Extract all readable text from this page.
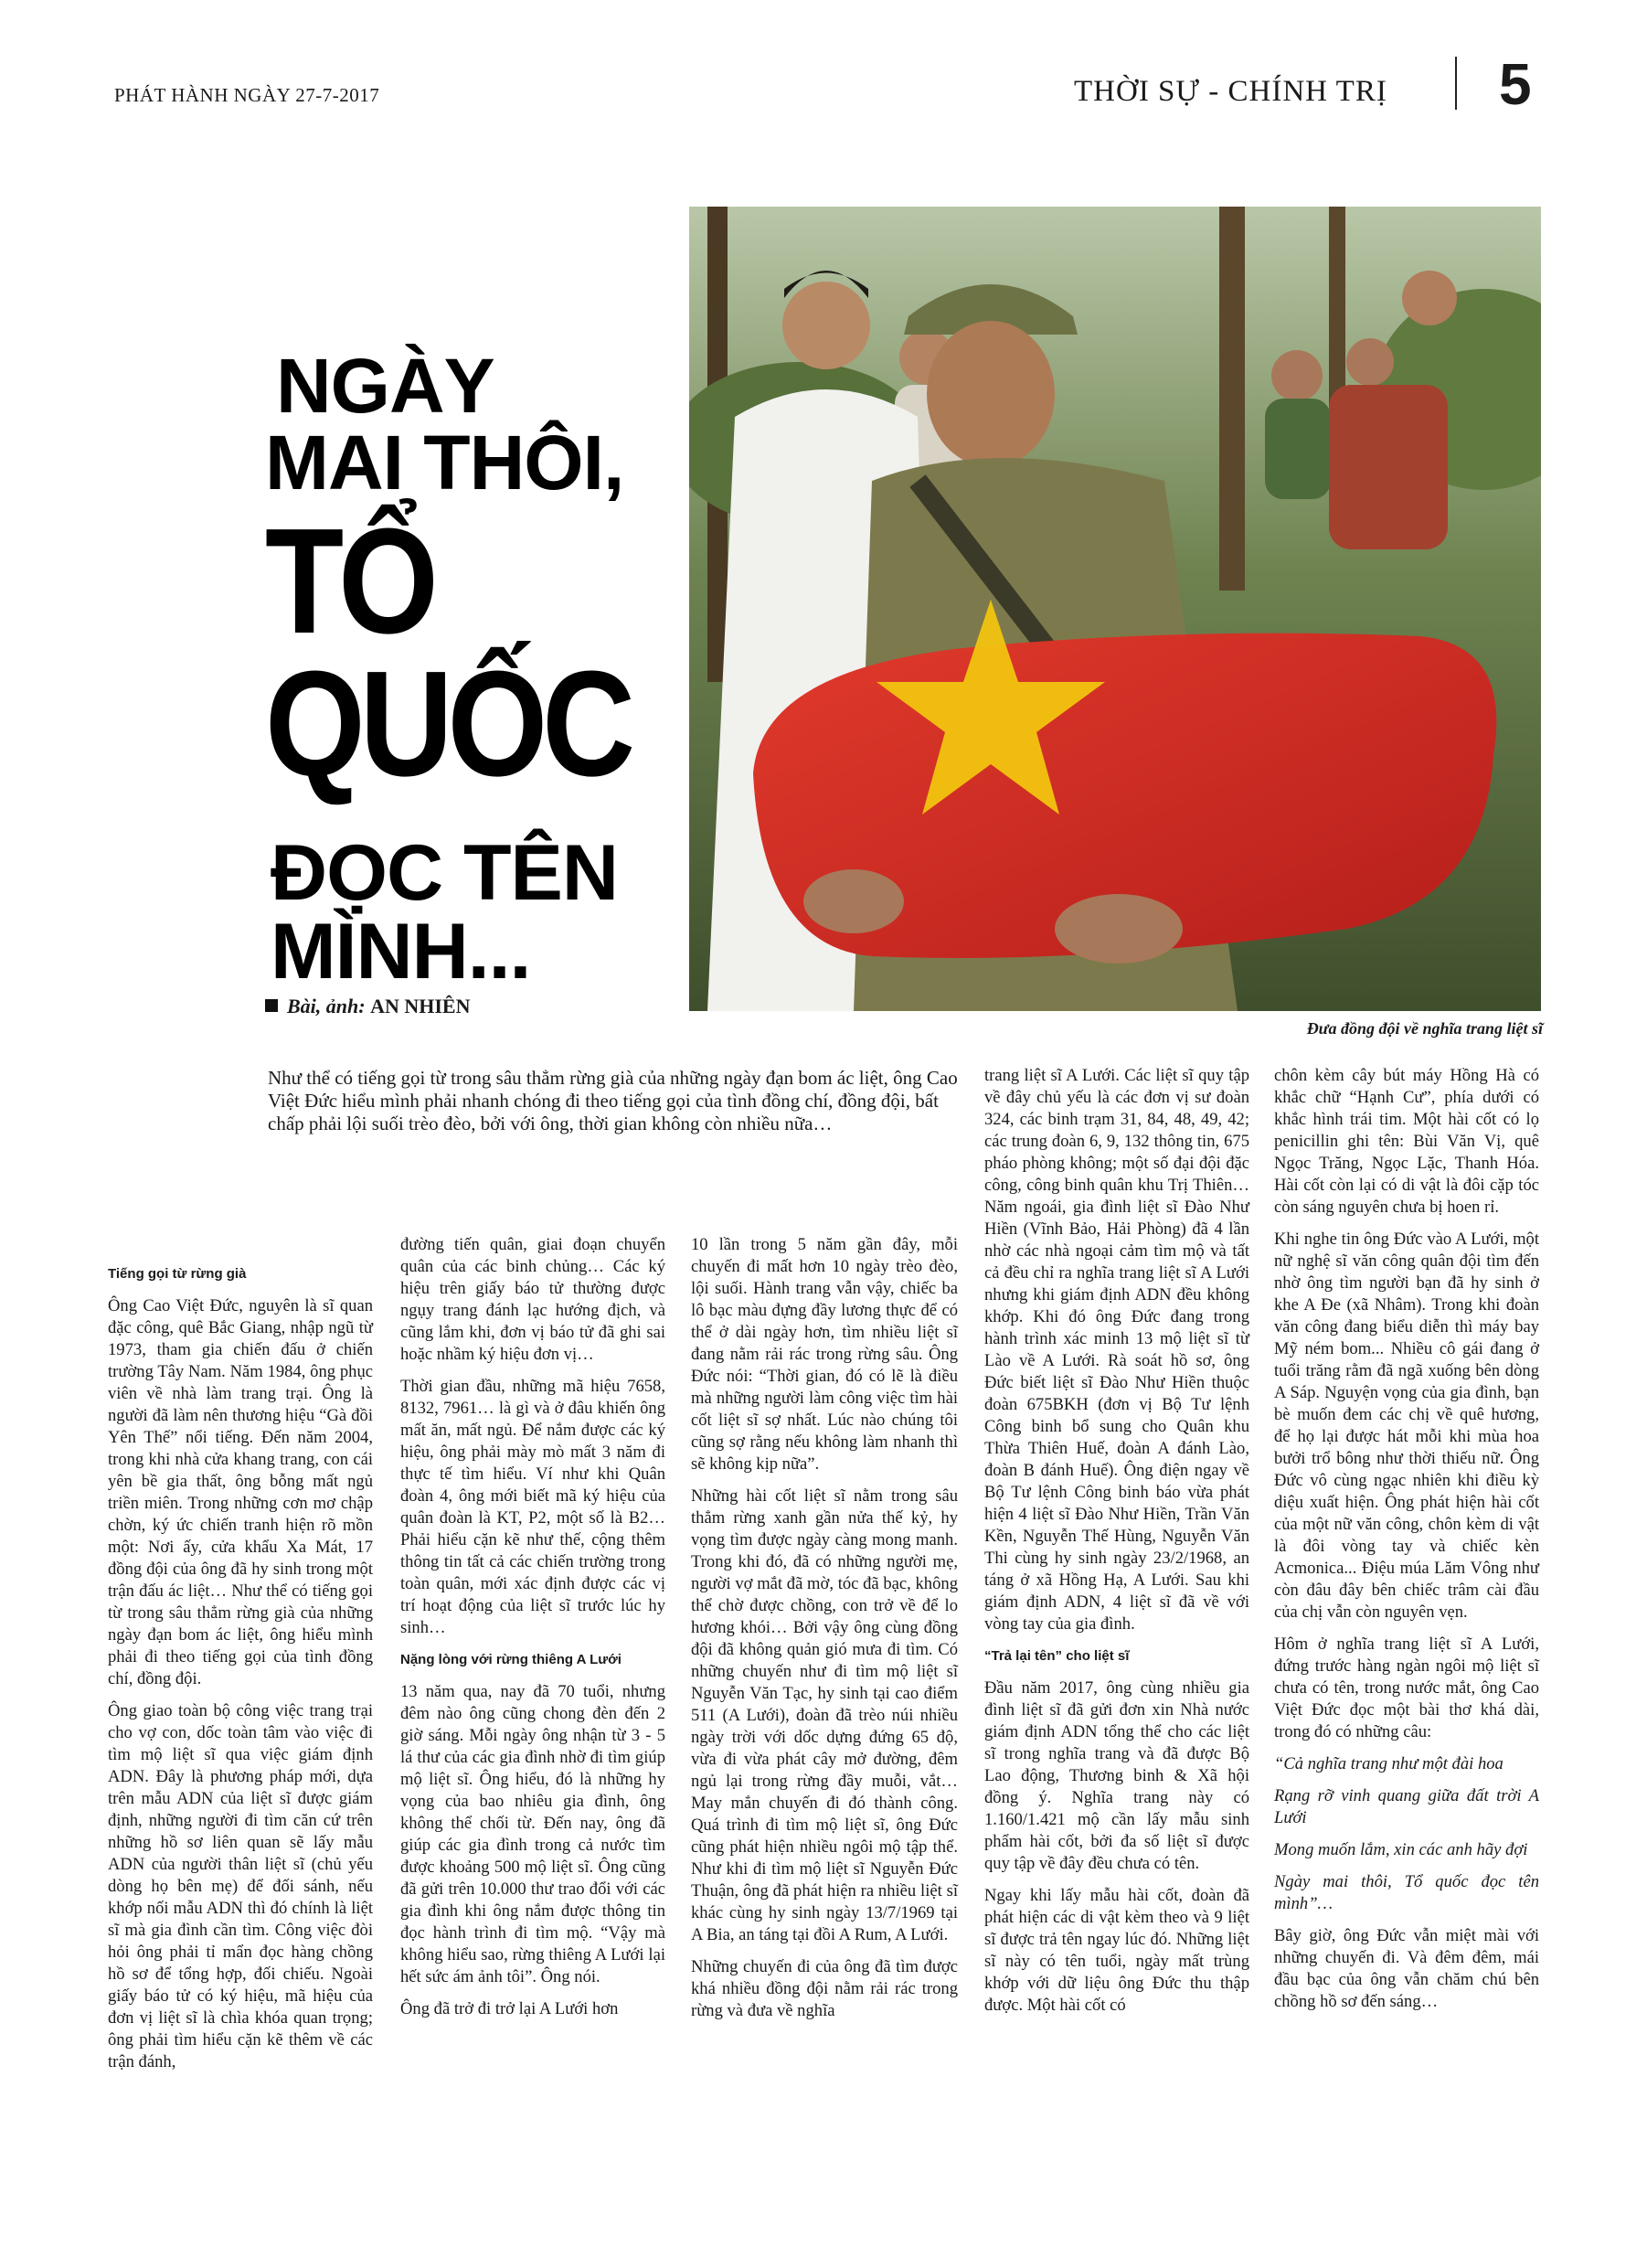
PHÁT HÀNH NGÀY 27-7-2017	THỜI SỰ - CHÍNH TRỊ 5
NGÀY
MAI THÔI,
TỔ QUỐC
ĐỌC TÊN
MÌNH...
Bài, ảnh: AN NHIÊN
Đưa đồng đội về nghĩa trang liệt sĩ
Như thể có tiếng gọi từ trong sâu thẳm rừng già của những ngày đạn bom ác liệt, ông Cao Việt Đức hiểu mình phải nhanh chóng đi theo tiếng gọi của tình đồng chí, đồng đội, bất chấp phải lội suối trèo đèo, bởi với ông, thời gian không còn nhiều nữa…
Tiếng gọi từ rừng già

Ông Cao Việt Đức, nguyên là sĩ quan đặc công, quê Bắc Giang, nhập ngũ từ 1973, tham gia chiến đấu ở chiến trường Tây Nam. Năm 1984, ông phục viên về nhà làm trang trại. Ông là người đã làm nên thương hiệu “Gà đồi Yên Thế” nổi tiếng. Đến năm 2004, trong khi nhà cửa khang trang, con cái yên bề gia thất, ông bỗng mất ngủ triền miên. Trong những cơn mơ chập chờn, ký ức chiến tranh hiện rõ mồn một: Nơi ấy, cửa khẩu Xa Mát, 17 đồng đội của ông đã hy sinh trong một trận đấu ác liệt… Như thể có tiếng gọi từ trong sâu thẳm rừng già của những ngày đạn bom ác liệt, ông hiểu mình phải đi theo tiếng gọi của tình đồng chí, đồng đội.

Ông giao toàn bộ công việc trang trại cho vợ con, dốc toàn tâm vào việc đi tìm mộ liệt sĩ qua việc giám định ADN. Đây là phương pháp mới, dựa trên mẫu ADN của liệt sĩ được giám định, những người đi tìm căn cứ trên những hồ sơ liên quan sẽ lấy mẫu ADN của người thân liệt sĩ (chủ yếu dòng họ bên mẹ) để đối sánh, nếu khớp nối mẫu ADN thì đó chính là liệt sĩ mà gia đình cần tìm. Công việc đòi hỏi ông phải tỉ mẩn đọc hàng chồng hồ sơ để tổng hợp, đối chiếu. Ngoài giấy báo tử có ký hiệu, mã hiệu của đơn vị liệt sĩ là chìa khóa quan trọng; ông phải tìm hiểu cặn kẽ thêm về các trận đánh,

đường tiến quân, giai đoạn chuyển quân của các binh chủng… Các ký hiệu trên giấy báo tử thường được ngụy trang đánh lạc hướng địch, và cũng lắm khi, đơn vị báo tử đã ghi sai hoặc nhầm ký hiệu đơn vị…

Thời gian đầu, những mã hiệu 7658, 8132, 7961… là gì và ở đâu khiến ông mất ăn, mất ngủ. Để nắm được các ký hiệu, ông phải mày mò mất 3 năm đi thực tế tìm hiểu. Ví như khi Quân đoàn 4, ông mới biết mã ký hiệu của quân đoàn là KT, P2, một số là B2… Phải hiểu cặn kẽ như thế, cộng thêm thông tin tất cả các chiến trường trong toàn quân, mới xác định được các vị trí hoạt động của liệt sĩ trước lúc hy sinh…

Nặng lòng với rừng thiêng A Lưới

13 năm qua, nay đã 70 tuổi, nhưng đêm nào ông cũng chong đèn đến 2 giờ sáng. Mỗi ngày ông nhận từ 3 - 5 lá thư của các gia đình nhờ đi tìm giúp mộ liệt sĩ. Ông hiểu, đó là những hy vọng của bao nhiêu gia đình, ông không thể chối từ. Đến nay, ông đã giúp các gia đình trong cả nước tìm được khoảng 500 mộ liệt sĩ. Ông cũng đã gửi trên 10.000 thư trao đổi với các gia đình khi ông nắm được thông tin đọc hành trình đi tìm mộ. “Vậy mà không hiểu sao, rừng thiêng A Lưới lại hết sức ám ảnh tôi”. Ông nói.

Ông đã trở đi trở lại A Lưới hơn

10 lần trong 5 năm gần đây, mỗi chuyến đi mất hơn 10 ngày trèo đèo, lội suối. Hành trang vẫn vậy, chiếc ba lô bạc màu đựng đầy lương thực để có thể ở dài ngày hơn, tìm nhiều liệt sĩ đang nằm rải rác trong rừng sâu. Ông Đức nói: “Thời gian, đó có lẽ là điều mà những người làm công việc tìm hài cốt liệt sĩ sợ nhất. Lúc nào chúng tôi cũng sợ rằng nếu không làm nhanh thì sẽ không kịp nữa”.

Những hài cốt liệt sĩ nằm trong sâu thẳm rừng xanh gần nửa thế kỷ, hy vọng tìm được ngày càng mong manh. Trong khi đó, đã có những người mẹ, người vợ mắt đã mờ, tóc đã bạc, không thể chờ được chồng, con trở về để lo hương khói… Bởi vậy ông cùng đồng đội đã không quản gió mưa đi tìm. Có những chuyến như đi tìm mộ liệt sĩ Nguyễn Văn Tạc, hy sinh tại cao điểm 511 (A Lưới), đoàn đã trèo núi nhiều ngày trời với dốc dựng đứng 65 độ, vừa đi vừa phát cây mở đường, đêm ngủ lại trong rừng đầy muỗi, vắt… May mắn chuyến đi đó thành công. Quá trình đi tìm mộ liệt sĩ, ông Đức cũng phát hiện nhiều ngôi mộ tập thể. Như khi đi tìm mộ liệt sĩ Nguyễn Đức Thuận, ông đã phát hiện ra nhiều liệt sĩ khác cùng hy sinh ngày 13/7/1969 tại A Bia, an táng tại đồi A Rum, A Lưới.

Những chuyến đi của ông đã tìm được khá nhiều đồng đội nằm rải rác trong rừng và đưa về nghĩa

trang liệt sĩ A Lưới. Các liệt sĩ quy tập về đây chủ yếu là các đơn vị sư đoàn 324, các binh trạm 31, 84, 48, 49, 42; các trung đoàn 6, 9, 132 thông tin, 675 pháo phòng không; một số đại đội đặc công, công binh quân khu Trị Thiên… Năm ngoái, gia đình liệt sĩ Đào Như Hiền (Vĩnh Bảo, Hải Phòng) đã 4 lần nhờ các nhà ngoại cảm tìm mộ và tất cả đều chỉ ra nghĩa trang liệt sĩ A Lưới nhưng khi giám định ADN đều không khớp. Khi đó ông Đức đang trong hành trình xác minh 13 mộ liệt sĩ từ Lào về A Lưới. Rà soát hồ sơ, ông Đức biết liệt sĩ Đào Như Hiền thuộc đoàn 675BKH (đơn vị Bộ Tư lệnh Công binh bổ sung cho Quân khu Thừa Thiên Huế, đoàn A đánh Lào, đoàn B đánh Huế). Ông điện ngay về Bộ Tư lệnh Công binh báo vừa phát hiện 4 liệt sĩ Đào Như Hiền, Trần Văn Kền, Nguyễn Thế Hùng, Nguyễn Văn Thi cùng hy sinh ngày 23/2/1968, an táng ở xã Hồng Hạ, A Lưới. Sau khi giám định ADN, 4 liệt sĩ đã về với vòng tay của gia đình.

“Trả lại tên” cho liệt sĩ

Đầu năm 2017, ông cùng nhiều gia đình liệt sĩ đã gửi đơn xin Nhà nước giám định ADN tổng thể cho các liệt sĩ trong nghĩa trang và đã được Bộ Lao động, Thương binh & Xã hội đồng ý. Nghĩa trang này có 1.160/1.421 mộ cần lấy mẫu sinh phẩm hài cốt, bởi đa số liệt sĩ được quy tập về đây đều chưa có tên.

Ngay khi lấy mẫu hài cốt, đoàn đã phát hiện các di vật kèm theo và 9 liệt sĩ được trả tên ngay lúc đó. Những liệt sĩ này có tên tuổi, ngày mất trùng khớp với dữ liệu ông Đức thu thập được. Một hài cốt có

chôn kèm cây bút máy Hồng Hà có khắc chữ “Hạnh Cư”, phía dưới có khắc hình trái tim. Một hài cốt có lọ penicillin ghi tên: Bùi Văn Vị, quê Ngọc Trăng, Ngọc Lặc, Thanh Hóa. Hài cốt còn lại có di vật là đôi cặp tóc còn sáng nguyên chưa bị hoen rỉ.

Khi nghe tin ông Đức vào A Lưới, một nữ nghệ sĩ văn công quân đội tìm đến nhờ ông tìm người bạn đã hy sinh ở khe A Đe (xã Nhâm). Trong khi đoàn văn công đang biểu diễn thì máy bay Mỹ ném bom... Nhiều cô gái đang ở tuổi trăng rằm đã ngã xuống bên dòng A Sáp. Nguyện vọng của gia đình, bạn bè muốn đem các chị về quê hương, để họ lại được hát mỗi khi mùa hoa bưởi trổ bông như thời thiếu nữ. Ông Đức vô cùng ngạc nhiên khi điều kỳ diệu xuất hiện. Ông phát hiện hài cốt của một nữ văn công, chôn kèm di vật là đôi vòng tay và chiếc kèn Acmonica... Điệu múa Lăm Vông như còn đâu đây bên chiếc trâm cài đầu của chị vẫn còn nguyên vẹn.

Hôm ở nghĩa trang liệt sĩ A Lưới, đứng trước hàng ngàn ngôi mộ liệt sĩ chưa có tên, trong nước mắt, ông Cao Việt Đức đọc một bài thơ khá dài, trong đó có những câu:

“Cả nghĩa trang như một đài hoa

Rạng rỡ vinh quang giữa đất trời A Lưới

Mong muốn lắm, xin các anh hãy đợi

Ngày mai thôi, Tổ quốc đọc tên mình”…

Bây giờ, ông Đức vẫn miệt mài với những chuyến đi. Và đêm đêm, mái đầu bạc của ông vẫn chăm chú bên chồng hồ sơ đến sáng…
